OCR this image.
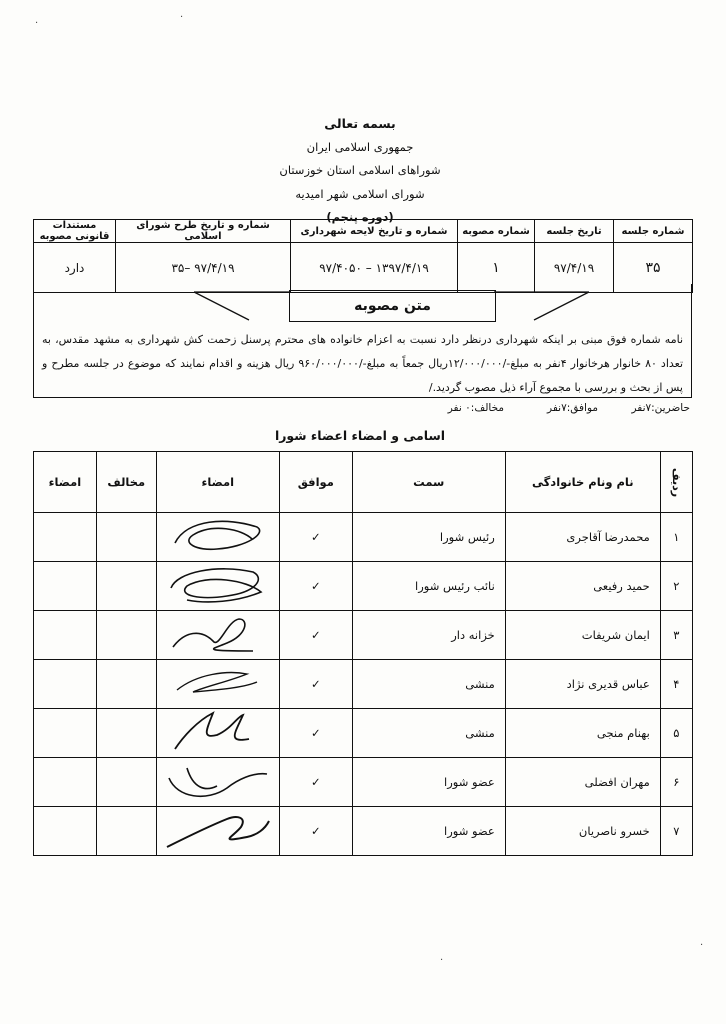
·
·
بسمه تعالی
جمهوری اسلامی ایران
شوراهای اسلامی استان خوزستان
شورای اسلامی شهر امیدیه
(دوره پنجم)
شماره جلسه	تاریخ جلسه	شماره مصوبه	شماره و تاریخ لایحه شهرداری	شماره و تاریخ طرح شورای اسلامی	مستندات قانونی مصوبه
۳۵	۹۷/۴/۱۹	۱	۱۳۹۷/۴/۱۹ – ۹۷/۴۰۵۰	۹۷/۴/۱۹ –۳۵	دارد
متن مصوبه
نامه شماره فوق مبنی بر اینکه شهرداری درنظر دارد نسبت به اعزام خانواده های محترم پرسنل زحمت کش شهرداری به مشهد مقدس، به تعداد ۸۰ خانوار هرخانوار ۴نفر به مبلغ-/۱۲/۰۰۰/۰۰۰ریال جمعاً به مبلغ-/۹۶۰/۰۰۰/۰۰۰ ریال هزینه و اقدام نمایند که موضوع در جلسه مطرح و پس از بحث و بررسی با مجموع آراء ذیل مصوب گردید./
حاضرین:۷نفر
موافق:۷نفر
مخالف:۰ نفر
اسامی و امضاء اعضاء شورا
ردیف	نام ونام خانوادگی	سمت	موافق	امضاء	مخالف	امضاء
۱	محمدرضا آقاجری	رئیس شورا	✓	

۲	حمید رفیعی	نائب رئیس شورا	✓	

۳	ایمان شریفات	خزانه دار	✓	

۴	عباس قدیری نژاد	منشی	✓	

۵	بهنام منجی	منشی	✓	

۶	مهران افضلی	عضو شورا	✓	

۷	خسرو ناصریان	عضو شورا	✓	

·
·
